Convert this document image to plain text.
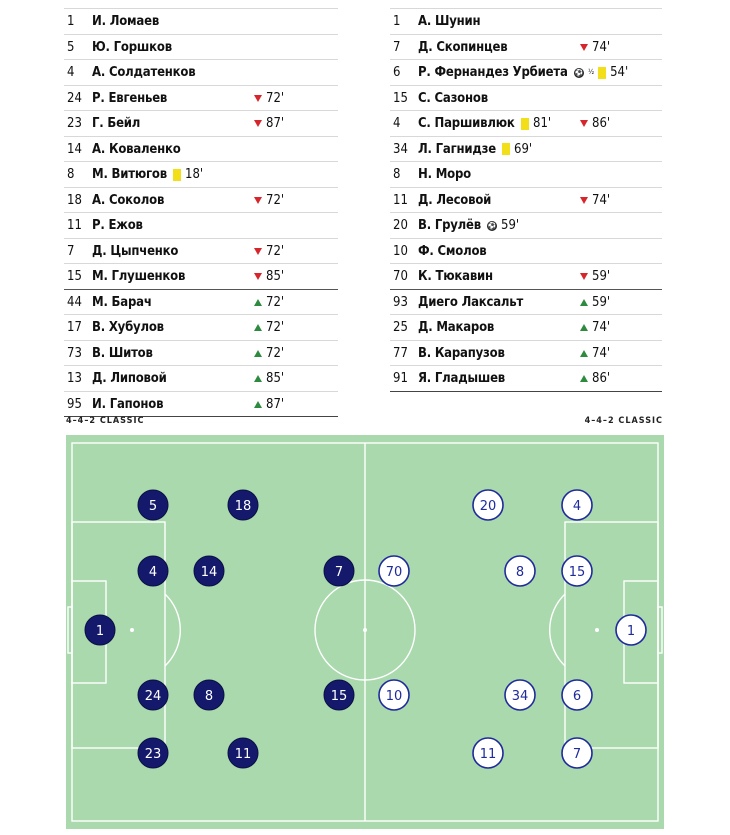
1 И. Ломаев
5 Ю. Горшков
4 А. Солдатенков
24 Р. Евгеньев	72'
23 Г. Бейл	87'
14 А. Коваленко
8 М. Витюгов 18'
18 А. Соколов	72'
11 Р. Ежов
7 Д. Цыпченко	72'
15 М. Глушенков	85'
44 М. Барач	72'
17 В. Хубулов	72'
73 В. Шитов	72'
13 Д. Липовой	85'
95 И. Гапонов	87'
1 А. Шунин
7 Д. Скопинцев	74'
6 Р. Фернандез Урбиета ⚽ ½ 54'
15 С. Сазонов
4 С. Паршивлюк 81'	86'
34 Л. Гагнидзе 69'
8 Н. Моро
11 Д. Лесовой	74'
20 В. Грулёв ⚽ 59'
10 Ф. Смолов
70 К. Тюкавин	59'
93 Диего Лаксальт	59'
25 Д. Макаров	74'
77 В. Карапузов	74'
91 Я. Гладышев	86'
4–4–2 CLASSIC	4–4–2 CLASSIC
5	18
4	14	7
1
24	8	15
23	11
70
20	4
8	15
1
10	34	6
11	7
